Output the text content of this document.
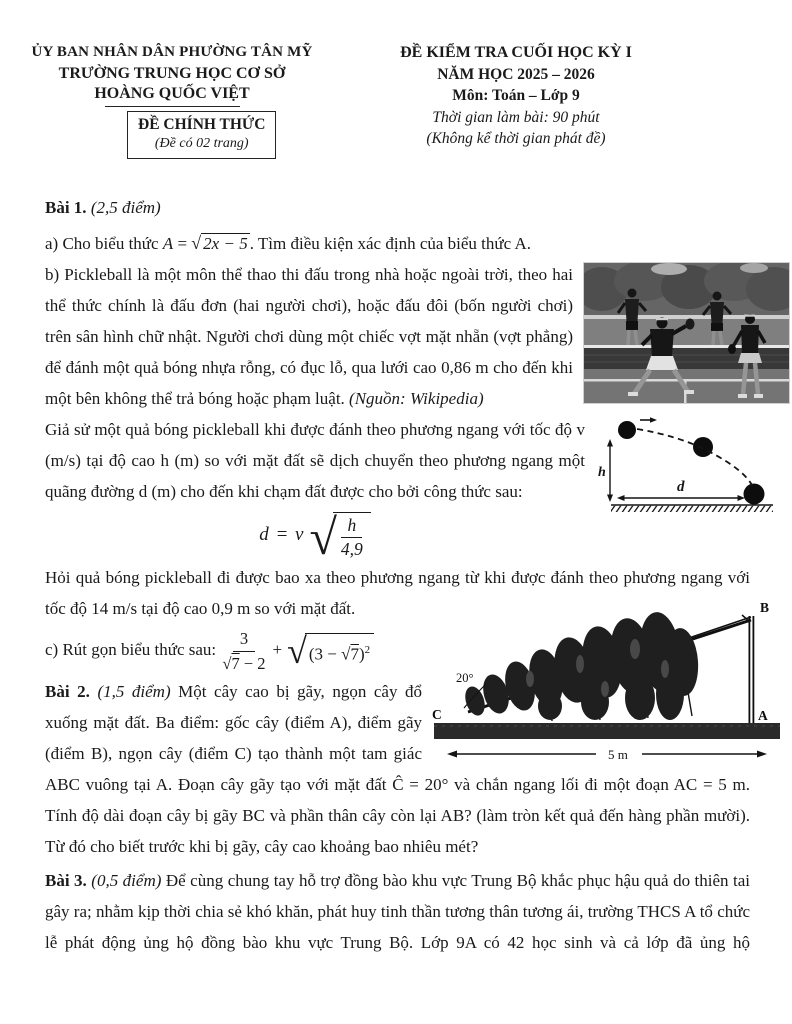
ỦY BAN NHÂN DÂN PHƯỜNG TÂN MỸ
TRƯỜNG TRUNG HỌC CƠ SỞ
HOÀNG QUỐC VIỆT
ĐỀ CHÍNH THỨC
(Đề có 02 trang)
ĐỀ KIỂM TRA CUỐI HỌC KỲ I
NĂM HỌC 2025 – 2026
Môn: Toán – Lớp 9
Thời gian làm bài: 90 phút
(Không kể thời gian phát đề)

Bài 1. (2,5 điểm)

a) Cho biểu thức A = √ 2x − 5 . Tìm điều kiện xác định của biểu thức A.

b) Pickleball là một môn thể thao thi đấu trong nhà hoặc ngoài trời, theo hai thể thức chính là đấu đơn (hai người chơi), hoặc đấu đôi (bốn người chơi) trên sân hình chữ nhật. Người chơi dùng một chiếc vợt mặt nhẵn (vợt phẳng) để đánh một quả bóng nhựa rỗng, có đục lỗ, qua lưới cao 0,86 m cho đến khi một bên không thể trả bóng hoặc phạm luật. (Nguồn: Wikipedia)

h
d

Giả sử một quả bóng pickleball khi được đánh theo phương ngang với tốc độ v (m/s) tại độ cao h (m) so với mặt đất sẽ dịch chuyển theo phương ngang một quãng đường d (m) cho đến khi chạm đất được cho bởi công thức sau:

d = v √
$\frac{h}{4,9}$

Hỏi quả bóng pickleball đi được bao xa theo phương ngang từ khi được đánh theo phương ngang với tốc độ 14 m/s tại độ cao 0,9 m so với mặt đất.

20°
C
B
A
5 m

c) Rút gọn biểu thức sau: $\frac{3}{√7 - 2}$ + √ $(3 - √7)^2$

Bài 2. (1,5 điểm) Một cây cao bị gãy, ngọn cây đổ xuống mặt đất. Ba điểm: gốc cây (điểm A), điểm gãy (điểm B), ngọn cây (điểm C) tạo thành một tam giác ABC vuông tại A. Đoạn cây gãy tạo với mặt đất Ĉ = 20° và chắn ngang lối đi một đoạn AC = 5 m. Tính độ dài đoạn cây bị gãy BC và phần thân cây còn lại AB? (làm tròn kết quả đến hàng phần mười). Từ đó cho biết trước khi bị gãy, cây cao khoảng bao nhiêu mét?

Bài 3. (0,5 điểm) Để cùng chung tay hỗ trợ đồng bào khu vực Trung Bộ khắc phục hậu quả do thiên tai gây ra; nhằm kịp thời chia sẻ khó khăn, phát huy tinh thần tương thân tương ái, trường THCS A tổ chức lễ phát động ủng hộ đồng bào khu vực Trung Bộ. Lớp 9A có 42 học sinh và cả lớp đã ủng hộ
